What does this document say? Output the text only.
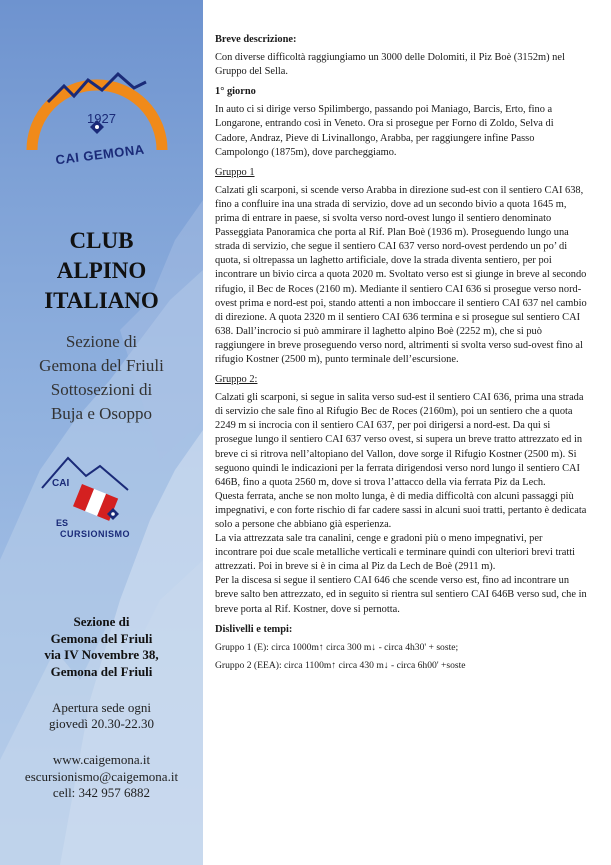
1927
CAI GEMONA
CLUB
ALPINO
ITALIANO
Sezione di
Gemona del Friuli
Sottosezioni di
Buja e Osoppo
CAI
ES
CURSIONISMO
Sezione di
Gemona del Friuli
via IV Novembre 38,
Gemona del Friuli
Apertura sede ogni
giovedì 20.30-22.30
www.caigemona.it
escursionismo@caigemona.it
cell: 342 957 6882

Breve descrizione:

Con diverse difficoltà raggiungiamo un 3000 delle Dolomiti, il Piz Boè (3152m) nel Gruppo del Sella.

1° giorno

In auto ci si dirige verso Spilimbergo, passando poi Maniago, Barcis, Erto, fino a Longarone, entrando così in Veneto. Ora si prosegue per Forno di Zoldo, Selva di Cadore, Andraz, Pieve di Livinallongo, Arabba, per raggiungere infine Passo Campolongo (1875m), dove parcheggiamo.

Gruppo 1

Calzati gli scarponi, si scende verso Arabba in direzione sud-est con il sentiero CAI 638, fino a confluire ina una strada di servizio, dove ad un secondo bivio a quota 1645 m, prima di entrare in paese, si svolta verso nord-ovest lungo il sentiero denominato Passeggiata Panoramica che porta al Rif. Plan Boè (1936 m). Proseguendo lungo una strada di servizio, che segue il sentiero CAI 637 verso nord-ovest perdendo un po’ di quota, si oltrepassa un laghetto artificiale, dove la strada diventa sentiero, per poi incontrare un bivio circa a quota 2020 m. Svoltato verso est si giunge in breve al secondo rifugio, il Bec de Roces (2160 m). Mediante il sentiero CAI 636 si prosegue verso nord-ovest prima e nord-est poi, stando attenti a non imboccare il sentiero CAI 637 nel cambio di direzione. A quota 2320 m il sentiero CAI 636 termina e si prosegue sul sentiero CAI 638. Dall’incrocio si può ammirare il laghetto alpino Boè (2252 m), che si può raggiungere in breve proseguendo verso nord, altrimenti si svolta verso sud-ovest fino al rifugio Kostner (2500 m), punto terminale dell’escursione.

Gruppo 2:

Calzati gli scarponi, si segue in salita verso sud-est il sentiero CAI 636, prima una strada di servizio che sale fino al Rifugio Bec de Roces (2160m), poi un sentiero che a quota 2249 m si incrocia con il sentiero CAI 637, per poi dirigersi a nord-est. Da qui si prosegue lungo il sentiero CAI 637 verso ovest, si supera un breve tratto attrezzato ed in breve ci si ritrova nell’altopiano del Vallon, dove sorge il Rifugio Kostner (2500 m). Si seguono quindi le indicazioni per la ferrata dirigendosi verso nord lungo il sentiero CAI 646B, fino a quota 2560 m, dove si trova l’attacco della via ferrata Piz da Lech.

Questa ferrata, anche se non molto lunga, è di media difficoltà con alcuni passaggi più impegnativi, e con forte rischio di far cadere sassi in alcuni suoi tratti, pertanto è dedicata solo a persone che abbiano già esperienza.

La via attrezzata sale tra canalini, cenge e gradoni più o meno impegnativi, per incontrare poi due scale metalliche verticali e terminare quindi con ulteriori brevi tratti attrezzati. Poi in breve si è in cima al Piz da Lech de Boè (2911 m).

Per la discesa si segue il sentiero CAI 646 che scende verso est, fino ad incontrare un breve salto ben attrezzato, ed in seguito si rientra sul sentiero CAI 646B verso sud, che in breve porta al Rif. Kostner, dove si pernotta.

Dislivelli e tempi:

Gruppo 1 (E): circa 1000m↑ circa 300 m↓ - circa 4h30' + soste;

Gruppo 2 (EEA): circa 1100m↑ circa 430 m↓ - circa 6h00' +soste
